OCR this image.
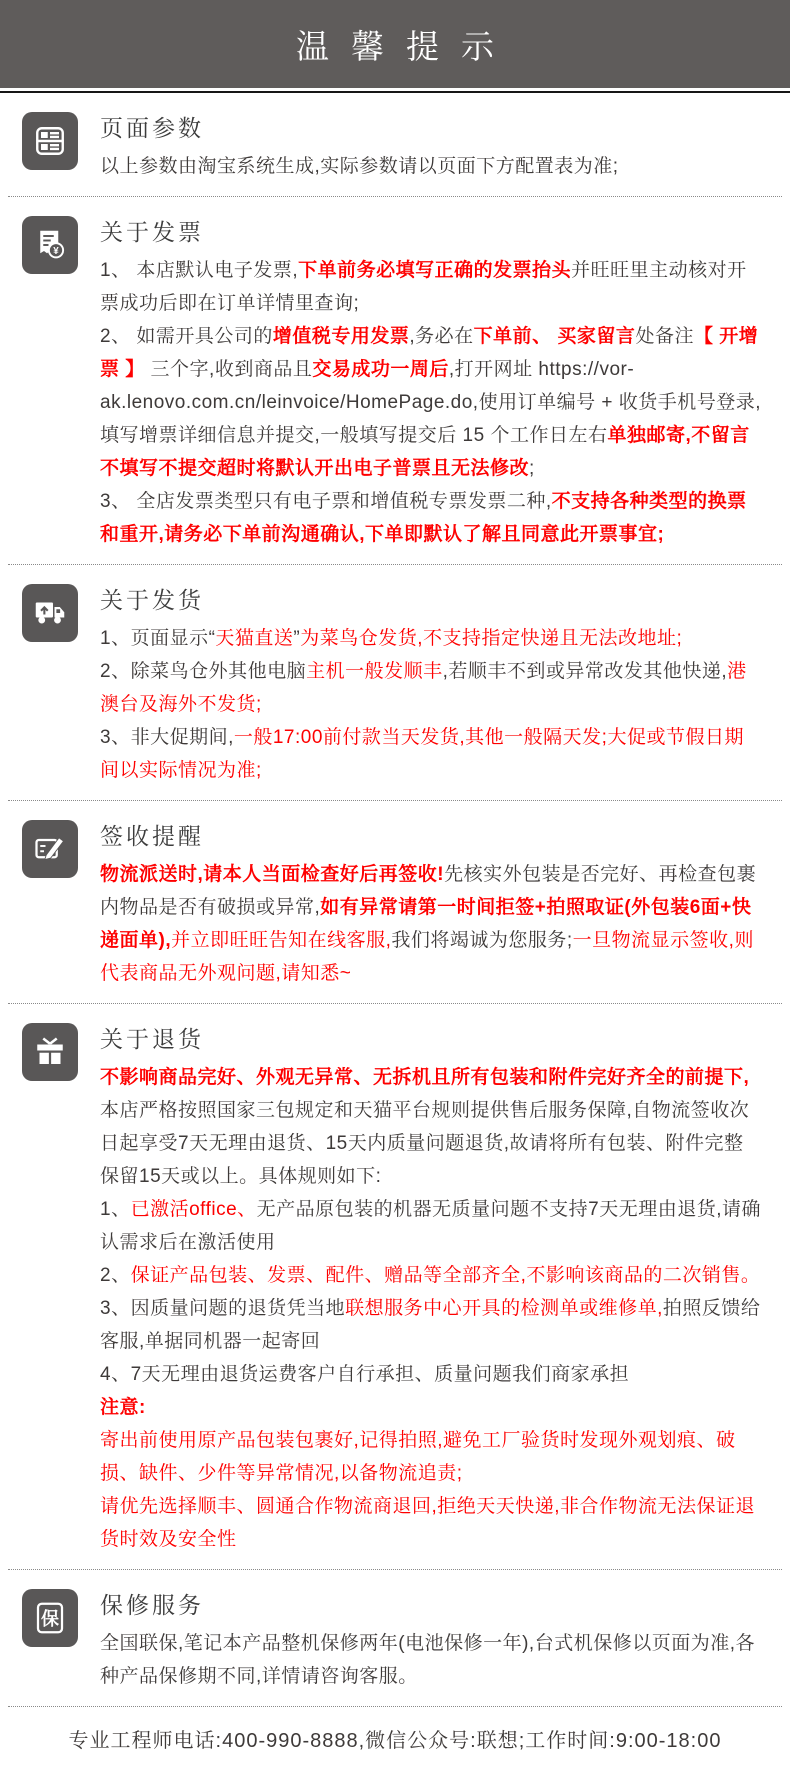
温馨提示
页面参数

以上参数由淘宝系统生成,实际参数请以页面下方配置表为准;

¥
关于发票

1、 本店默认电子发票,下单前务必填写正确的发票抬头并旺旺里主动核对开票成功后即在订单详情里查询;

2、 如需开具公司的增值税专用发票,务必在下单前、 买家留言处备注【 开增票 】 三个字,收到商品且交易成功一周后,打开网址 https://vor-ak.lenovo.com.cn/leinvoice/HomePage.do,使用订单编号 + 收货手机号登录,填写增票详细信息并提交,一般填写提交后 15 个工作日左右单独邮寄,不留言不填写不提交超时将默认开出电子普票且无法修改;

3、 全店发票类型只有电子票和增值税专票发票二种,不支持各种类型的换票和重开,请务必下单前沟通确认,下单即默认了解且同意此开票事宜;

关于发货

1、页面显示“天猫直送”为菜鸟仓发货,不支持指定快递且无法改地址;

2、除菜鸟仓外其他电脑主机一般发顺丰,若顺丰不到或异常改发其他快递,港澳台及海外不发货;

3、非大促期间,一般17:00前付款当天发货,其他一般隔天发;大促或节假日期间以实际情况为准;

签收提醒

物流派送时,请本人当面检查好后再签收!先核实外包装是否完好、再检查包裹内物品是否有破损或异常,如有异常请第一时间拒签+拍照取证(外包装6面+快递面单),并立即旺旺告知在线客服,我们将竭诚为您服务;一旦物流显示签收,则代表商品无外观问题,请知悉~

关于退货

不影响商品完好、外观无异常、无拆机且所有包装和附件完好齐全的前提下,

本店严格按照国家三包规定和天猫平台规则提供售后服务保障,自物流签收次日起享受7天无理由退货、15天内质量问题退货,故请将所有包装、附件完整保留15天或以上。具体规则如下:

1、已激活office、无产品原包装的机器无质量问题不支持7天无理由退货,请确认需求后在激活使用

2、保证产品包装、发票、配件、赠品等全部齐全,不影响该商品的二次销售。

3、因质量问题的退货凭当地联想服务中心开具的检测单或维修单,拍照反馈给客服,单据同机器一起寄回

4、7天无理由退货运费客户自行承担、质量问题我们商家承担

注意:

寄出前使用原产品包装包裹好,记得拍照,避免工厂验货时发现外观划痕、破损、缺件、少件等异常情况,以备物流追责;

请优先选择顺丰、圆通合作物流商退回,拒绝天天快递,非合作物流无法保证退货时效及安全性

保
保修服务

全国联保,笔记本产品整机保修两年(电池保修一年),台式机保修以页面为准,各种产品保修期不同,详情请咨询客服。

专业工程师电话:400-990-8888,微信公众号:联想;工作时间:9:00-18:00
